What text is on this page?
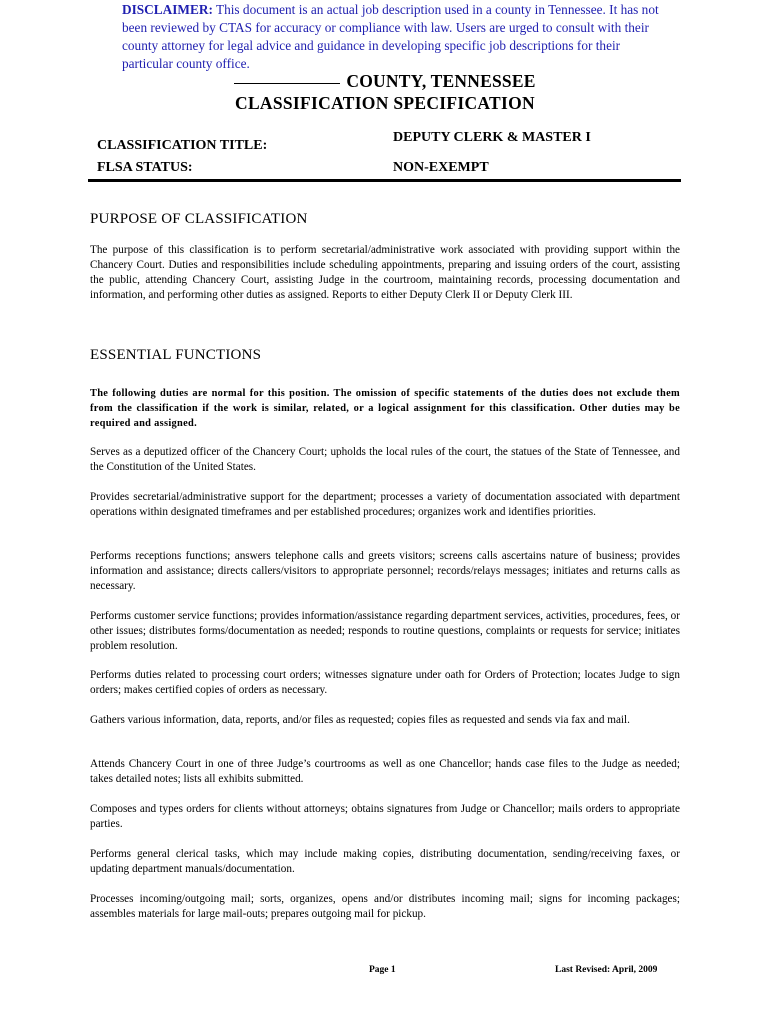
DISCLAIMER: This document is an actual job description used in a county in Tennessee. It has not been reviewed by CTAS for accuracy or compliance with law. Users are urged to consult with their county attorney for legal advice and guidance in developing specific job descriptions for their particular county office.
COUNTY, TENNESSEE
CLASSIFICATION SPECIFICATION
CLASSIFICATION TITLE:
DEPUTY CLERK & MASTER I
FLSA STATUS:	NON-EXEMPT
PURPOSE OF CLASSIFICATION
The purpose of this classification is to perform secretarial/administrative work associated with providing support within the Chancery Court. Duties and responsibilities include scheduling appointments, preparing and issuing orders of the court, assisting the public, attending Chancery Court, assisting Judge in the courtroom, maintaining records, processing documentation and information, and performing other duties as assigned. Reports to either Deputy Clerk II or Deputy Clerk III.
ESSENTIAL FUNCTIONS
The following duties are normal for this position. The omission of specific statements of the duties does not exclude them from the classification if the work is similar, related, or a logical assignment for this classification. Other duties may be required and assigned.
Serves as a deputized officer of the Chancery Court; upholds the local rules of the court, the statues of the State of Tennessee, and the Constitution of the United States.
Provides secretarial/administrative support for the department; processes a variety of documentation associated with department operations within designated timeframes and per established procedures; organizes work and identifies priorities.
Performs receptions functions; answers telephone calls and greets visitors; screens calls ascertains nature of business; provides information and assistance; directs callers/visitors to appropriate personnel; records/relays messages; initiates and returns calls as necessary.
Performs customer service functions; provides information/assistance regarding department services, activities, procedures, fees, or other issues; distributes forms/documentation as needed; responds to routine questions, complaints or requests for service; initiates problem resolution.
Performs duties related to processing court orders; witnesses signature under oath for Orders of Protection; locates Judge to sign orders; makes certified copies of orders as necessary.
Gathers various information, data, reports, and/or files as requested; copies files as requested and sends via fax and mail.
Attends Chancery Court in one of three Judge’s courtrooms as well as one Chancellor; hands case files to the Judge as needed; takes detailed notes; lists all exhibits submitted.
Composes and types orders for clients without attorneys; obtains signatures from Judge or Chancellor; mails orders to appropriate parties.
Performs general clerical tasks, which may include making copies, distributing documentation, sending/receiving faxes, or updating department manuals/documentation.
Processes incoming/outgoing mail; sorts, organizes, opens and/or distributes incoming mail; signs for incoming packages; assembles materials for large mail-outs; prepares outgoing mail for pickup.
Page 1	Last Revised: April, 2009
